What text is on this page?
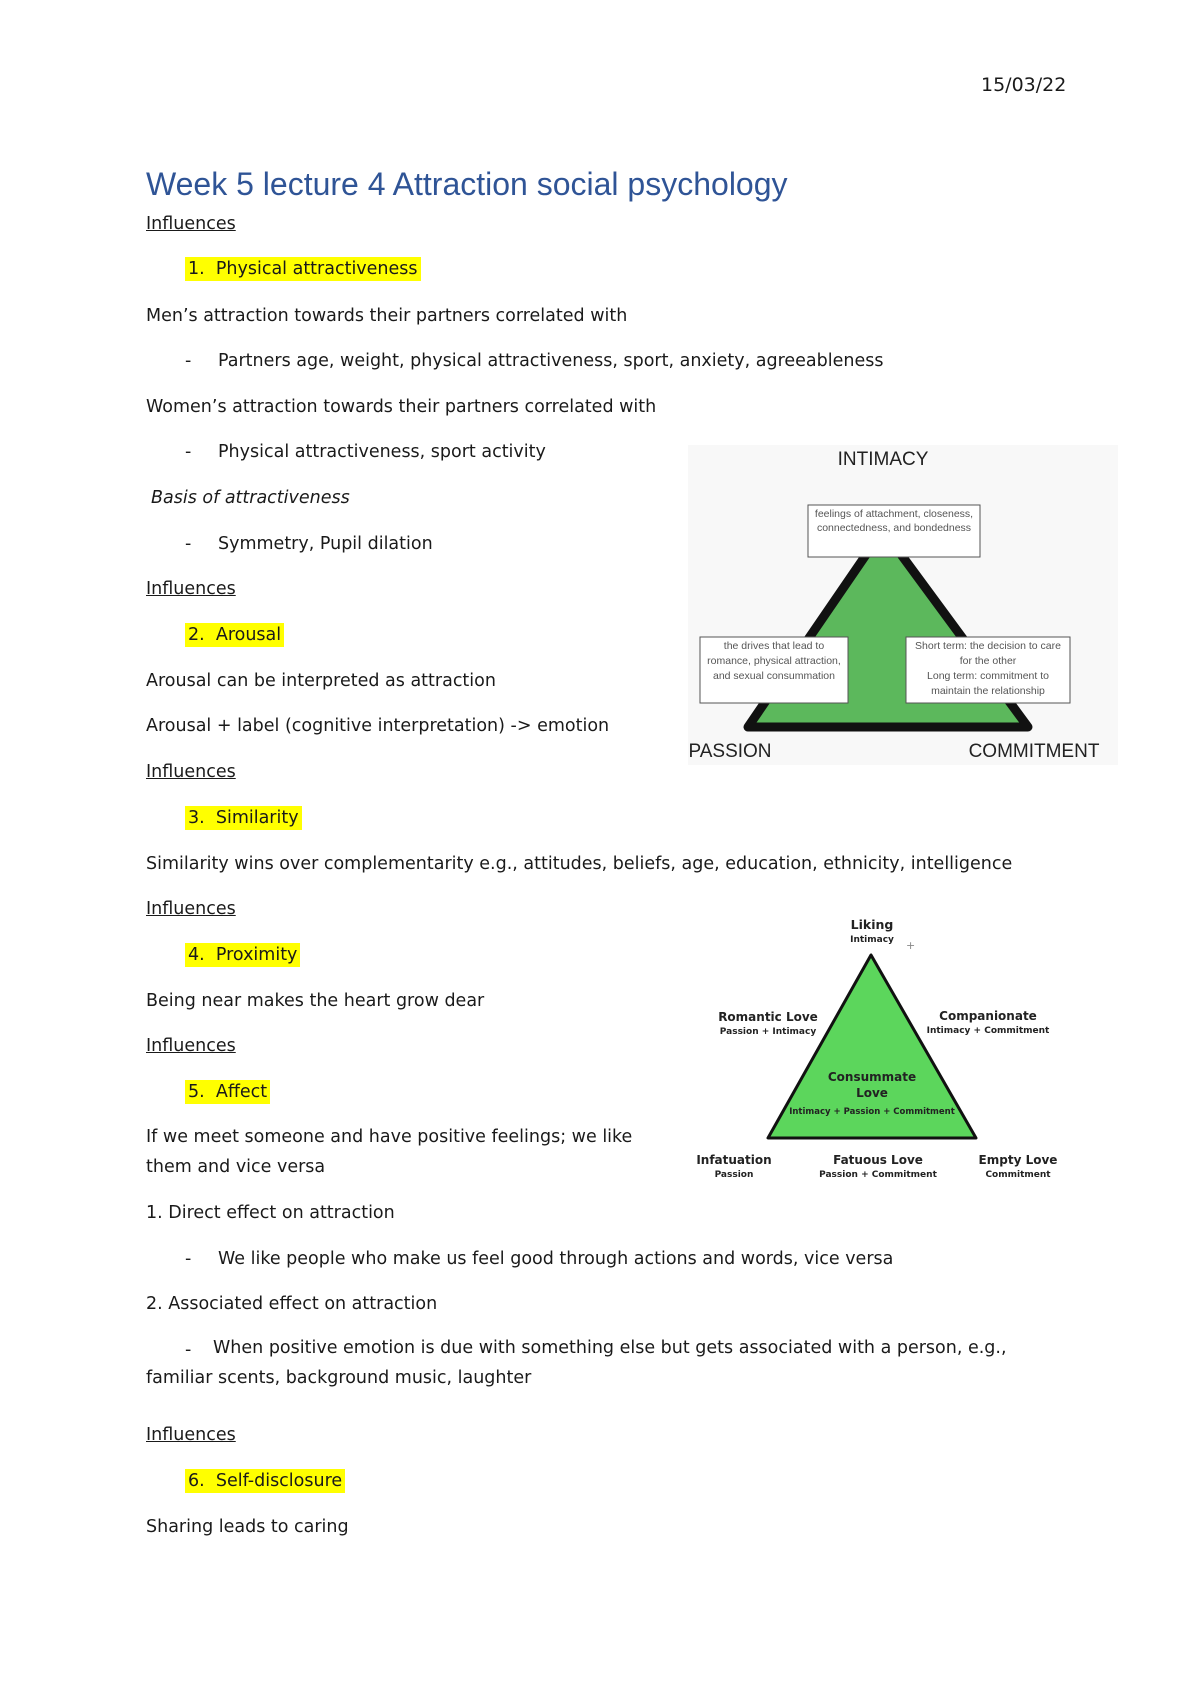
15/03/22
Week 5 lecture 4 Attraction social psychology
Influences
1. Physical attractiveness
Men’s attraction towards their partners correlated with
- Partners age, weight, physical attractiveness, sport, anxiety, agreeableness
Women’s attraction towards their partners correlated with
- Physical attractiveness, sport activity
Basis of attractiveness
- Symmetry, Pupil dilation
Influences
2. Arousal
Arousal can be interpreted as attraction
Arousal + label (cognitive interpretation) -> emotion
Influences
3. Similarity
Similarity wins over complementarity e.g., attitudes, beliefs, age, education, ethnicity, intelligence
Influences
4. Proximity
Being near makes the heart grow dear
Influences
5. Affect
If we meet someone and have positive feelings; we like them and vice versa
1. Direct effect on attraction
- We like people who make us feel good through actions and words, vice versa
2. Associated effect on attraction
-	When positive emotion is due with something else but gets associated with a person, e.g., familiar scents, background music, laughter
Influences
6. Self-disclosure
Sharing leads to caring
INTIMACY
PASSION	COMMITMENT
feelings of attachment, closeness, connectedness, and bondedness
the drives that lead to romance, physical attraction, and sexual consummation
Short term: the decision to care for the other
Long term: commitment to maintain the relationship
Liking
Intimacy +
Romantic Love
Passion + Intimacy
Companionate
Intimacy + Commitment
Consummate
Love
Intimacy + Passion + Commitment
Infatuation
Passion
Fatuous Love
Passion + Commitment
Empty Love
Commitment
